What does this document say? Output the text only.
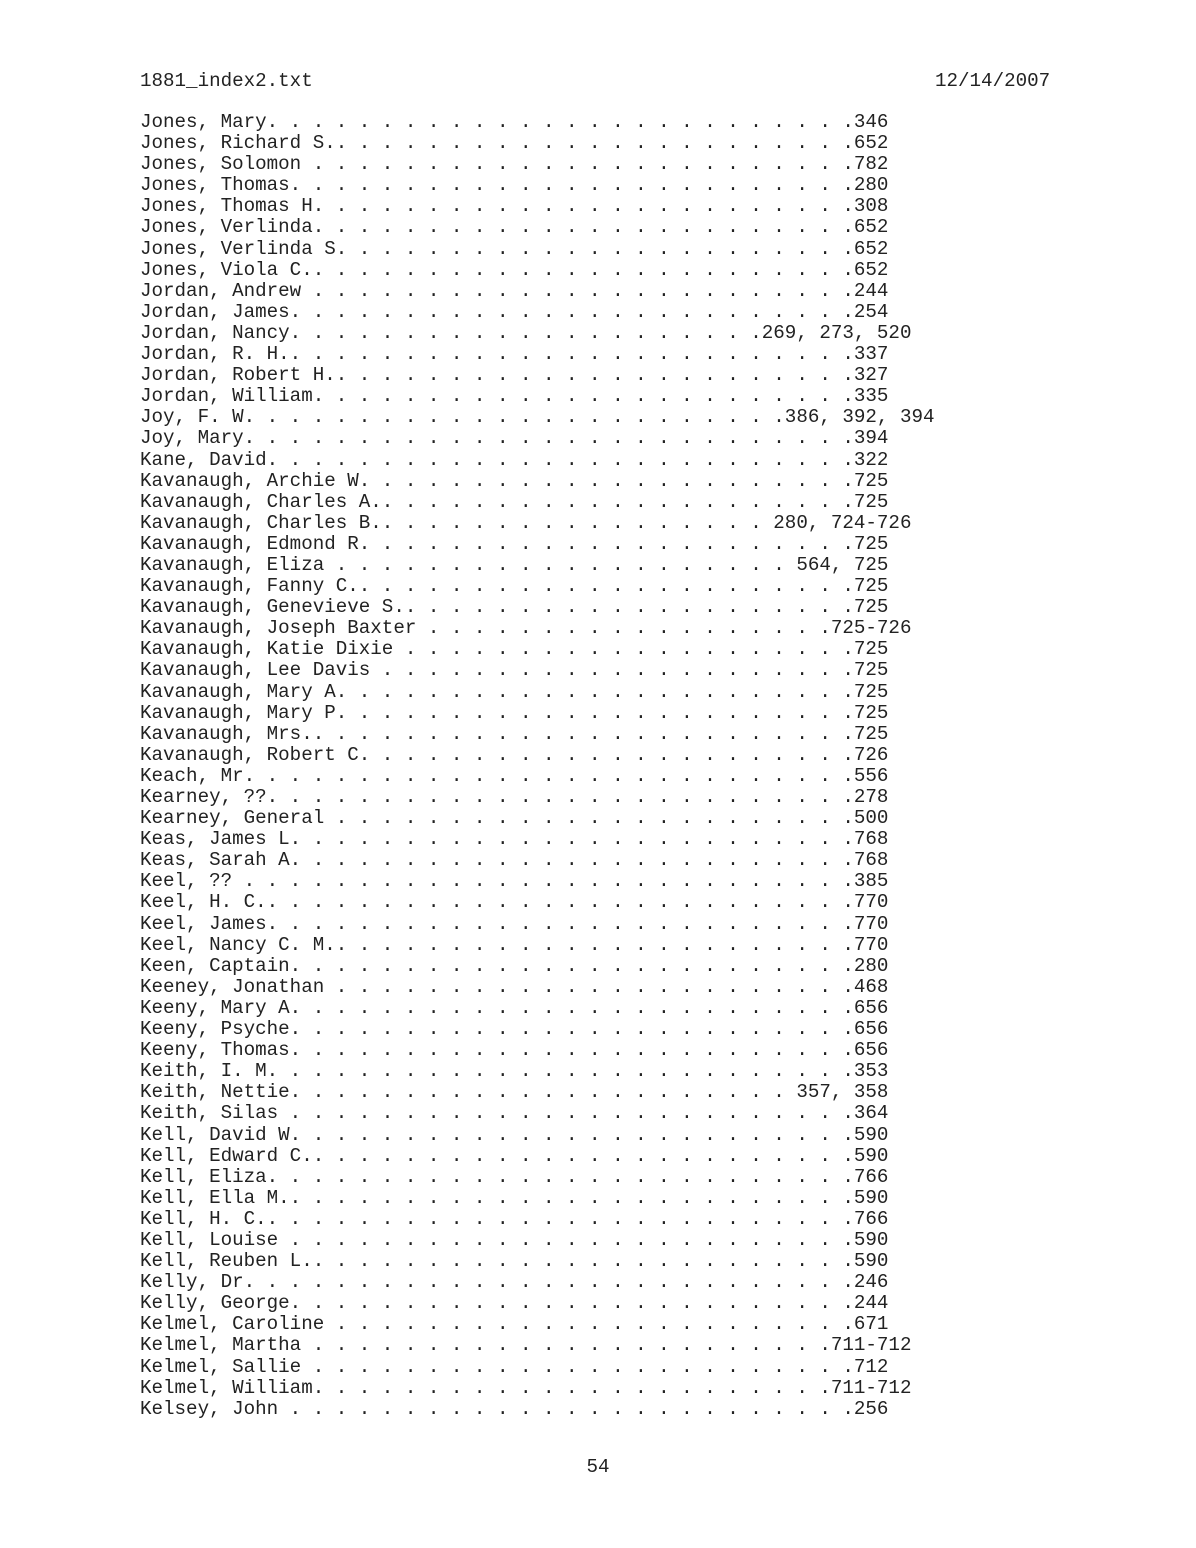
1881_index2.txt	12/14/2007
Jones, Mary. . . . . . . . . . . . . . . . . . . . . . . . . .346
Jones, Richard S.. . . . . . . . . . . . . . . . . . . . . . .652
Jones, Solomon . . . . . . . . . . . . . . . . . . . . . . . .782
Jones, Thomas. . . . . . . . . . . . . . . . . . . . . . . . .280
Jones, Thomas H. . . . . . . . . . . . . . . . . . . . . . . .308
Jones, Verlinda. . . . . . . . . . . . . . . . . . . . . . . .652
Jones, Verlinda S. . . . . . . . . . . . . . . . . . . . . . .652
Jones, Viola C.. . . . . . . . . . . . . . . . . . . . . . . .652
Jordan, Andrew . . . . . . . . . . . . . . . . . . . . . . . .244
Jordan, James. . . . . . . . . . . . . . . . . . . . . . . . .254
Jordan, Nancy. . . . . . . . . . . . . . . . . . . . .269, 273, 520
Jordan, R. H.. . . . . . . . . . . . . . . . . . . . . . . . .337
Jordan, Robert H.. . . . . . . . . . . . . . . . . . . . . . .327
Jordan, William. . . . . . . . . . . . . . . . . . . . . . . .335
Joy, F. W. . . . . . . . . . . . . . . . . . . . . . . .386, 392, 394
Joy, Mary. . . . . . . . . . . . . . . . . . . . . . . . . . .394
Kane, David. . . . . . . . . . . . . . . . . . . . . . . . . .322
Kavanaugh, Archie W. . . . . . . . . . . . . . . . . . . . . .725
Kavanaugh, Charles A.. . . . . . . . . . . . . . . . . . . . .725
Kavanaugh, Charles B.. . . . . . . . . . . . . . . . . 280, 724-726
Kavanaugh, Edmond R. . . . . . . . . . . . . . . . . . . . . .725
Kavanaugh, Eliza . . . . . . . . . . . . . . . . . . . . 564, 725
Kavanaugh, Fanny C.. . . . . . . . . . . . . . . . . . . . . .725
Kavanaugh, Genevieve S.. . . . . . . . . . . . . . . . . . . .725
Kavanaugh, Joseph Baxter . . . . . . . . . . . . . . . . . .725-726
Kavanaugh, Katie Dixie . . . . . . . . . . . . . . . . . . . .725
Kavanaugh, Lee Davis . . . . . . . . . . . . . . . . . . . . .725
Kavanaugh, Mary A. . . . . . . . . . . . . . . . . . . . . . .725
Kavanaugh, Mary P. . . . . . . . . . . . . . . . . . . . . . .725
Kavanaugh, Mrs.. . . . . . . . . . . . . . . . . . . . . . . .725
Kavanaugh, Robert C. . . . . . . . . . . . . . . . . . . . . .726
Keach, Mr. . . . . . . . . . . . . . . . . . . . . . . . . . .556
Kearney, ??. . . . . . . . . . . . . . . . . . . . . . . . . .278
Kearney, General . . . . . . . . . . . . . . . . . . . . . . .500
Keas, James L. . . . . . . . . . . . . . . . . . . . . . . . .768
Keas, Sarah A. . . . . . . . . . . . . . . . . . . . . . . . .768
Keel, ?? . . . . . . . . . . . . . . . . . . . . . . . . . . .385
Keel, H. C.. . . . . . . . . . . . . . . . . . . . . . . . . .770
Keel, James. . . . . . . . . . . . . . . . . . . . . . . . . .770
Keel, Nancy C. M.. . . . . . . . . . . . . . . . . . . . . . .770
Keen, Captain. . . . . . . . . . . . . . . . . . . . . . . . .280
Keeney, Jonathan . . . . . . . . . . . . . . . . . . . . . . .468
Keeny, Mary A. . . . . . . . . . . . . . . . . . . . . . . . .656
Keeny, Psyche. . . . . . . . . . . . . . . . . . . . . . . . .656
Keeny, Thomas. . . . . . . . . . . . . . . . . . . . . . . . .656
Keith, I. M. . . . . . . . . . . . . . . . . . . . . . . . . .353
Keith, Nettie. . . . . . . . . . . . . . . . . . . . . . 357, 358
Keith, Silas . . . . . . . . . . . . . . . . . . . . . . . . .364
Kell, David W. . . . . . . . . . . . . . . . . . . . . . . . .590
Kell, Edward C.. . . . . . . . . . . . . . . . . . . . . . . .590
Kell, Eliza. . . . . . . . . . . . . . . . . . . . . . . . . .766
Kell, Ella M.. . . . . . . . . . . . . . . . . . . . . . . . .590
Kell, H. C.. . . . . . . . . . . . . . . . . . . . . . . . . .766
Kell, Louise . . . . . . . . . . . . . . . . . . . . . . . . .590
Kell, Reuben L.. . . . . . . . . . . . . . . . . . . . . . . .590
Kelly, Dr. . . . . . . . . . . . . . . . . . . . . . . . . . .246
Kelly, George. . . . . . . . . . . . . . . . . . . . . . . . .244
Kelmel, Caroline . . . . . . . . . . . . . . . . . . . . . . .671
Kelmel, Martha . . . . . . . . . . . . . . . . . . . . . . .711-712
Kelmel, Sallie . . . . . . . . . . . . . . . . . . . . . . . .712
Kelmel, William. . . . . . . . . . . . . . . . . . . . . . .711-712
Kelsey, John . . . . . . . . . . . . . . . . . . . . . . . . .256
54
